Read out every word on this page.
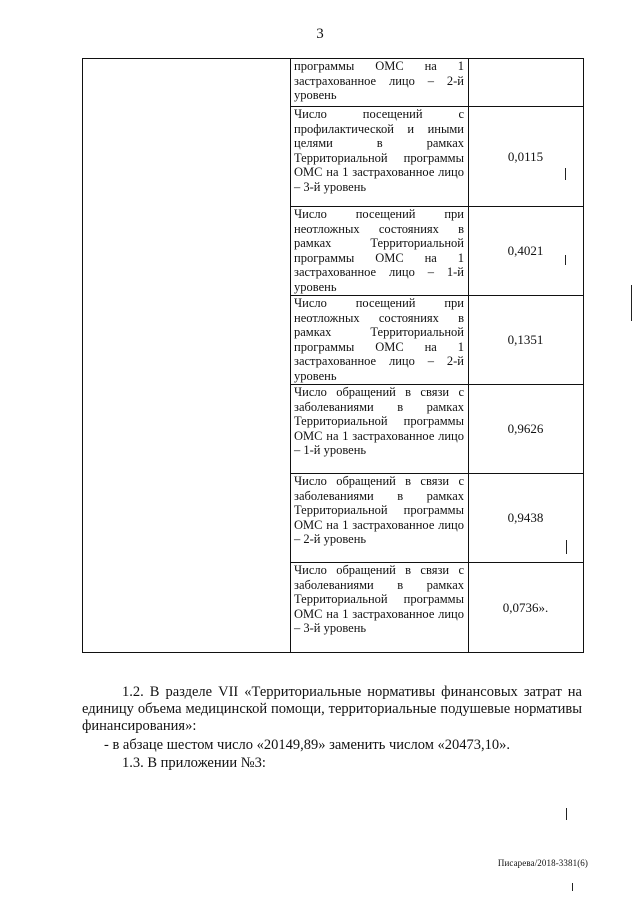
3

	программы ОМС на 1 застрахованное лицо – 2-й уровень	

	Число посещений с профилактической и иными целями в рамках Территориальной программы ОМС на 1 застрахованное лицо – 3-й уровень	0,0115

	Число посещений при неотложных состояниях в рамках Территориальной программы ОМС на 1 застрахованное лицо – 1-й уровень	0,4021

	Число посещений при неотложных состояниях в рамках Территориальной программы ОМС на 1 застрахованное лицо – 2-й уровень	0,1351

	Число обращений в связи с заболеваниями в рамках Территориальной программы ОМС на 1 застрахованное лицо – 1-й уровень	0,9626

	Число обращений в связи с заболеваниями в рамках Территориальной программы ОМС на 1 застрахованное лицо – 2-й уровень	0,9438

	Число обращений в связи с заболеваниями в рамках Территориальной программы ОМС на 1 застрахованное лицо – 3-й уровень	0,0736».

1.2. В разделе VII «Территориальные нормативы финансовых затрат на единицу объема медицинской помощи, территориальные подушевые нормативы финансирования»:

- в абзаце шестом число «20149,89» заменить числом «20473,10».

1.3. В приложении №3:

Писарева/2018-3381(6)
